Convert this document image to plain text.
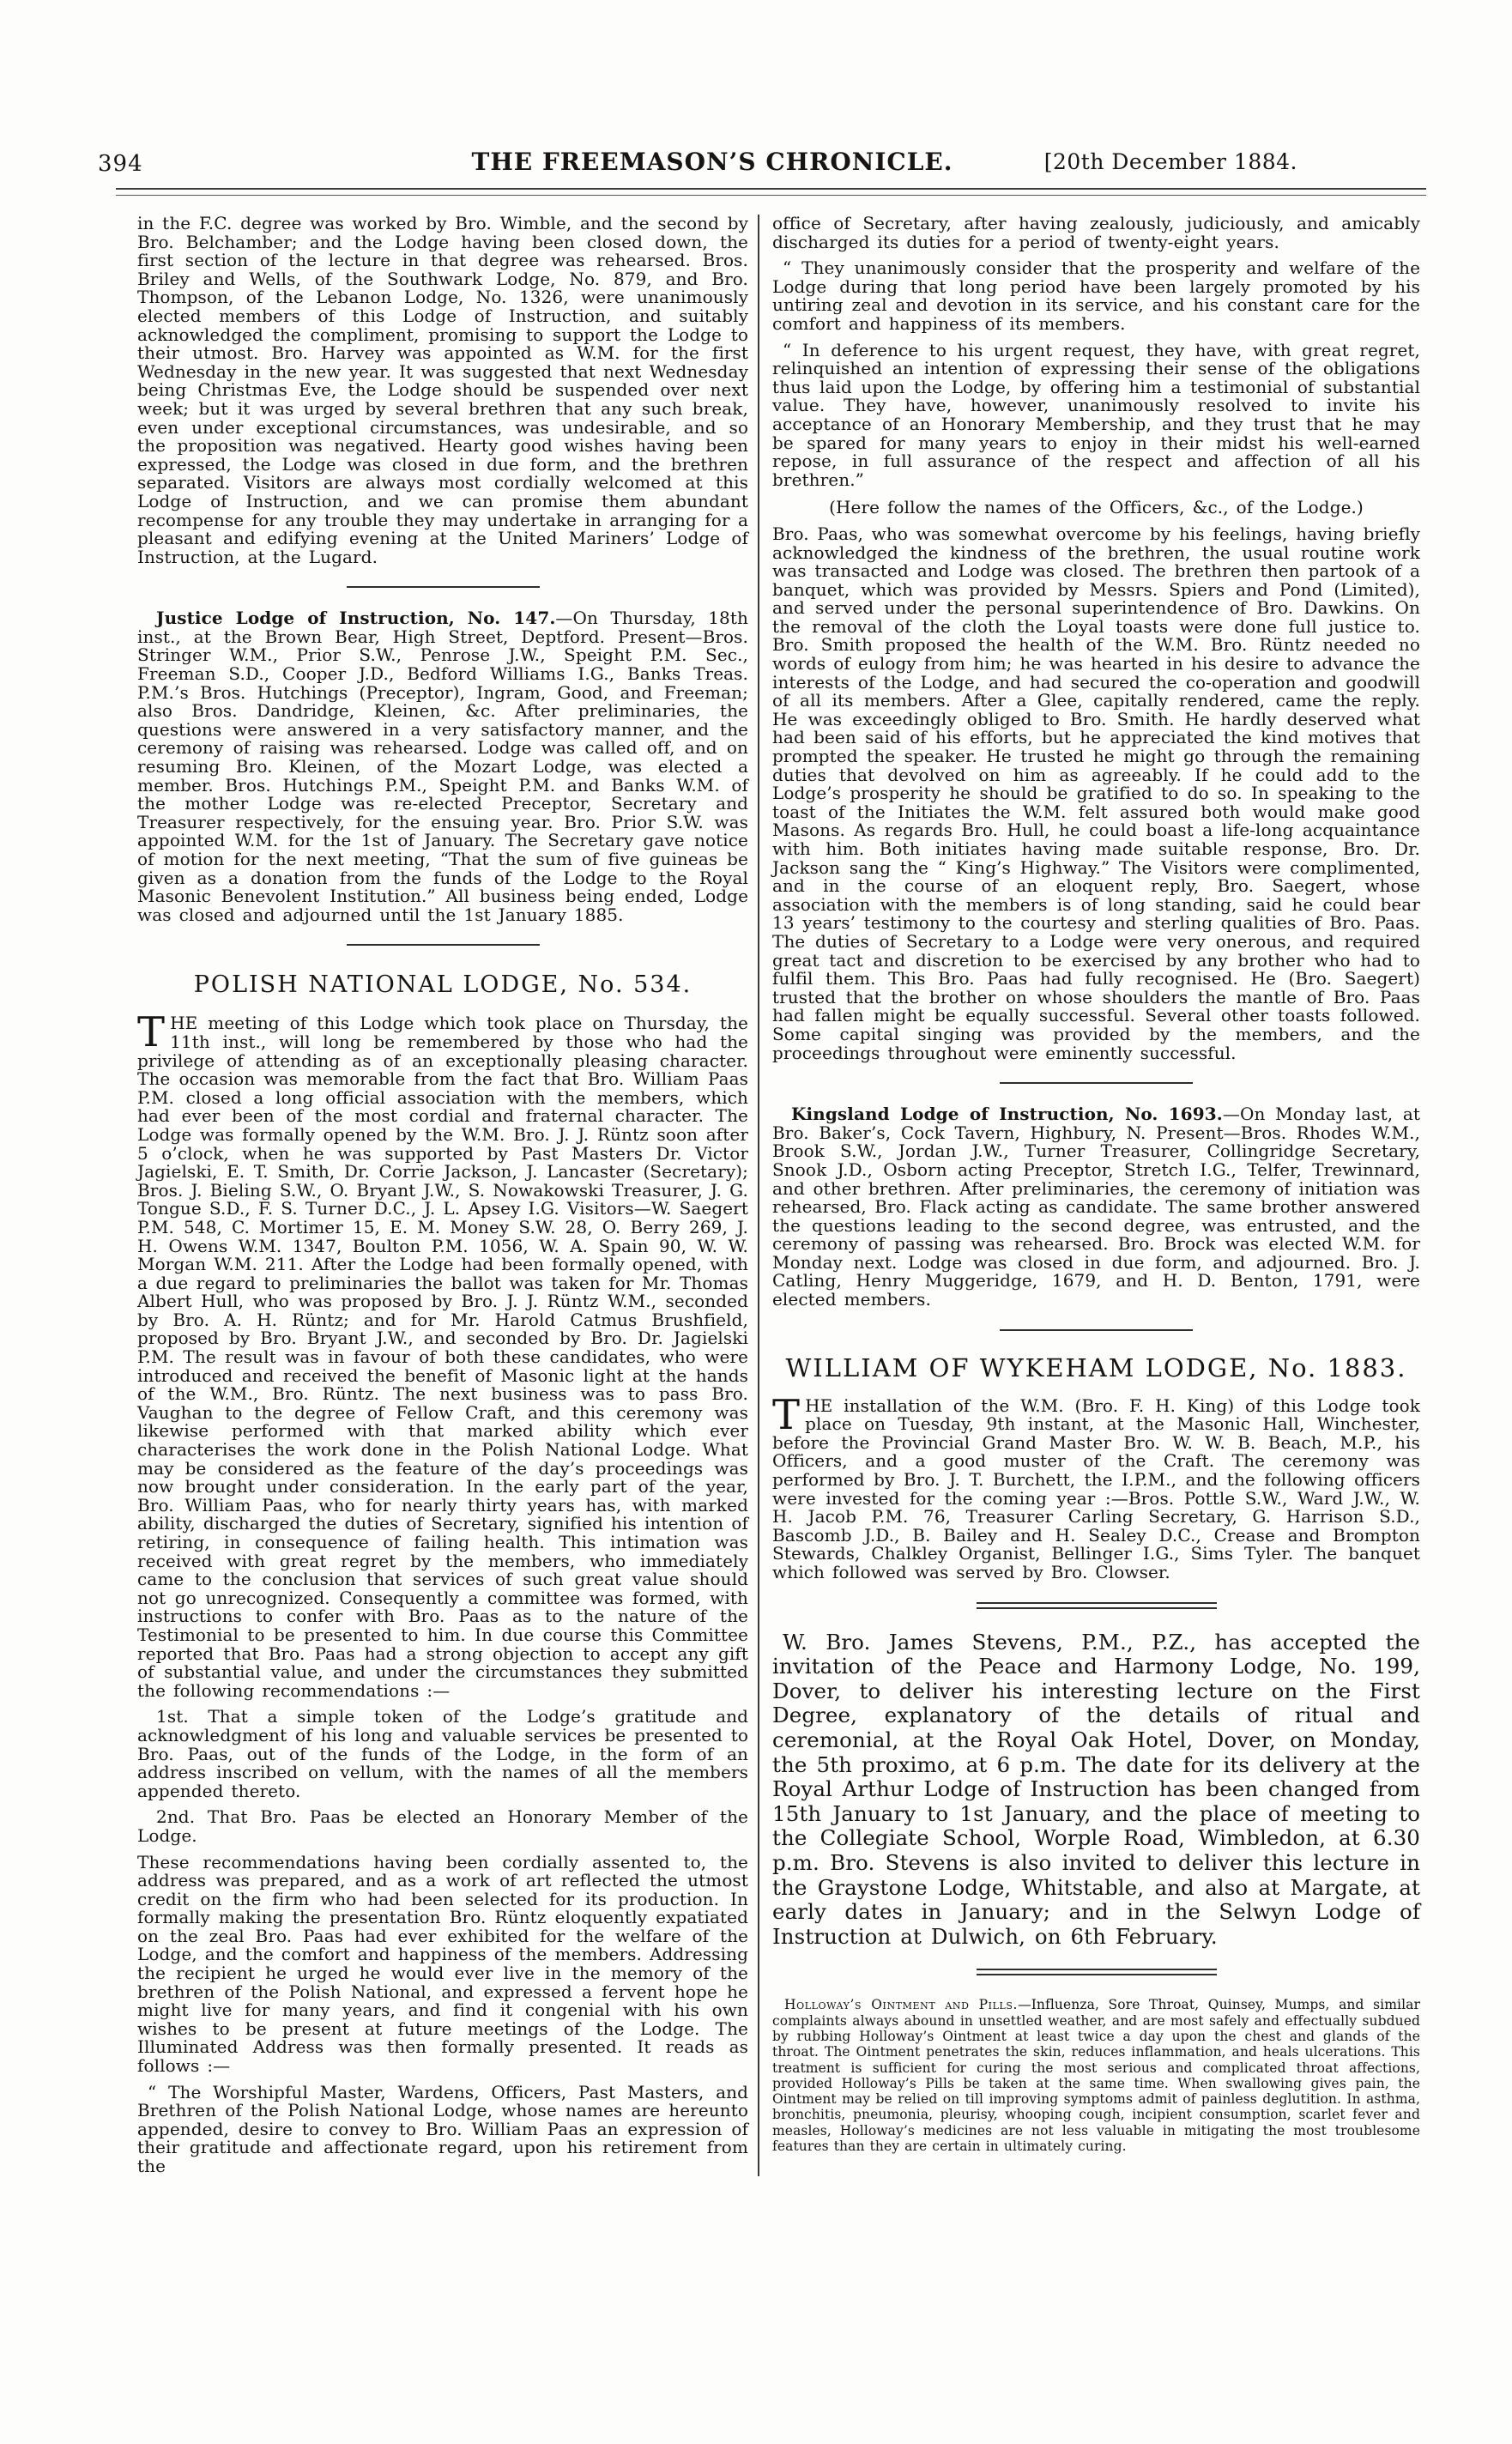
394	THE FREEMASON’S CHRONICLE.	[20th December 1884.

in the F.C. degree was worked by Bro. Wimble, and the second by Bro. Belchamber; and the Lodge having been closed down, the first section of the lecture in that degree was rehearsed. Bros. Briley and Wells, of the Southwark Lodge, No. 879, and Bro. Thompson, of the Lebanon Lodge, No. 1326, were unanimously elected members of this Lodge of Instruction, and suitably acknowledged the compliment, promising to support the Lodge to their utmost. Bro. Harvey was appointed as W.M. for the first Wednesday in the new year. It was suggested that next Wednesday being Christmas Eve, the Lodge should be suspended over next week; but it was urged by several brethren that any such break, even under exceptional circumstances, was undesirable, and so the proposition was negatived. Hearty good wishes having been expressed, the Lodge was closed in due form, and the brethren separated. Visitors are always most cordially welcomed at this Lodge of Instruction, and we can promise them abundant recompense for any trouble they may undertake in arranging for a pleasant and edifying evening at the United Mariners’ Lodge of Instruction, at the Lugard.

Justice Lodge of Instruction, No. 147.—On Thursday, 18th inst., at the Brown Bear, High Street, Deptford. Present—Bros. Stringer W.M., Prior S.W., Penrose J.W., Speight P.M. Sec., Freeman S.D., Cooper J.D., Bedford Williams I.G., Banks Treas. P.M.’s Bros. Hutchings (Preceptor), Ingram, Good, and Freeman; also Bros. Dandridge, Kleinen, &c. After preliminaries, the questions were answered in a very satisfactory manner, and the ceremony of raising was rehearsed. Lodge was called off, and on resuming Bro. Kleinen, of the Mozart Lodge, was elected a member. Bros. Hutchings P.M., Speight P.M. and Banks W.M. of the mother Lodge was re-elected Preceptor, Secretary and Treasurer respectively, for the ensuing year. Bro. Prior S.W. was appointed W.M. for the 1st of January. The Secretary gave notice of motion for the next meeting, “That the sum of five guineas be given as a donation from the funds of the Lodge to the Royal Masonic Benevolent Institution.” All business being ended, Lodge was closed and adjourned until the 1st January 1885.

POLISH NATIONAL LODGE, No. 534.

THE meeting of this Lodge which took place on Thursday, the 11th inst., will long be remembered by those who had the privilege of attending as of an exceptionally pleasing character. The occasion was memorable from the fact that Bro. William Paas P.M. closed a long official association with the members, which had ever been of the most cordial and fraternal character. The Lodge was formally opened by the W.M. Bro. J. J. Rüntz soon after 5 o’clock, when he was supported by Past Masters Dr. Victor Jagielski, E. T. Smith, Dr. Corrie Jackson, J. Lancaster (Secretary); Bros. J. Bieling S.W., O. Bryant J.W., S. Nowakowski Treasurer, J. G. Tongue S.D., F. S. Turner D.C., J. L. Apsey I.G. Visitors—W. Saegert P.M. 548, C. Mortimer 15, E. M. Money S.W. 28, O. Berry 269, J. H. Owens W.M. 1347, Boulton P.M. 1056, W. A. Spain 90, W. W. Morgan W.M. 211. After the Lodge had been formally opened, with a due regard to preliminaries the ballot was taken for Mr. Thomas Albert Hull, who was proposed by Bro. J. J. Rüntz W.M., seconded by Bro. A. H. Rüntz; and for Mr. Harold Catmus Brushfield, proposed by Bro. Bryant J.W., and seconded by Bro. Dr. Jagielski P.M. The result was in favour of both these candidates, who were introduced and received the benefit of Masonic light at the hands of the W.M., Bro. Rüntz. The next business was to pass Bro. Vaughan to the degree of Fellow Craft, and this ceremony was likewise performed with that marked ability which ever characterises the work done in the Polish National Lodge. What may be considered as the feature of the day’s proceedings was now brought under consideration. In the early part of the year, Bro. William Paas, who for nearly thirty years has, with marked ability, discharged the duties of Secretary, signified his intention of retiring, in consequence of failing health. This intimation was received with great regret by the members, who immediately came to the conclusion that services of such great value should not go unrecognized. Consequently a committee was formed, with instructions to confer with Bro. Paas as to the nature of the Testimonial to be presented to him. In due course this Committee reported that Bro. Paas had a strong objection to accept any gift of substantial value, and under the circumstances they submitted the following recommendations :—

1st. That a simple token of the Lodge’s gratitude and acknowledgment of his long and valuable services be presented to Bro. Paas, out of the funds of the Lodge, in the form of an address inscribed on vellum, with the names of all the members appended thereto.

2nd. That Bro. Paas be elected an Honorary Member of the Lodge.

These recommendations having been cordially assented to, the address was prepared, and as a work of art reflected the utmost credit on the firm who had been selected for its production. In formally making the presentation Bro. Rüntz eloquently expatiated on the zeal Bro. Paas had ever exhibited for the welfare of the Lodge, and the comfort and happiness of the members. Addressing the recipient he urged he would ever live in the memory of the brethren of the Polish National, and expressed a fervent hope he might live for many years, and find it congenial with his own wishes to be present at future meetings of the Lodge. The Illuminated Address was then formally presented. It reads as follows :—

“ The Worshipful Master, Wardens, Officers, Past Masters, and Brethren of the Polish National Lodge, whose names are hereunto appended, desire to convey to Bro. William Paas an expression of their gratitude and affectionate regard, upon his retirement from the

office of Secretary, after having zealously, judiciously, and amicably discharged its duties for a period of twenty-eight years.

“ They unanimously consider that the prosperity and welfare of the Lodge during that long period have been largely promoted by his untiring zeal and devotion in its service, and his constant care for the comfort and happiness of its members.

“ In deference to his urgent request, they have, with great regret, relinquished an intention of expressing their sense of the obligations thus laid upon the Lodge, by offering him a testimonial of substantial value. They have, however, unanimously resolved to invite his acceptance of an Honorary Membership, and they trust that he may be spared for many years to enjoy in their midst his well-earned repose, in full assurance of the respect and affection of all his brethren.”

(Here follow the names of the Officers, &c., of the Lodge.)

Bro. Paas, who was somewhat overcome by his feelings, having briefly acknowledged the kindness of the brethren, the usual routine work was transacted and Lodge was closed. The brethren then partook of a banquet, which was provided by Messrs. Spiers and Pond (Limited), and served under the personal superintendence of Bro. Dawkins. On the removal of the cloth the Loyal toasts were done full justice to. Bro. Smith proposed the health of the W.M. Bro. Rüntz needed no words of eulogy from him; he was hearted in his desire to advance the interests of the Lodge, and had secured the co-operation and goodwill of all its members. After a Glee, capitally rendered, came the reply. He was exceedingly obliged to Bro. Smith. He hardly deserved what had been said of his efforts, but he appreciated the kind motives that prompted the speaker. He trusted he might go through the remaining duties that devolved on him as agreeably. If he could add to the Lodge’s prosperity he should be gratified to do so. In speaking to the toast of the Initiates the W.M. felt assured both would make good Masons. As regards Bro. Hull, he could boast a life-long acquaintance with him. Both initiates having made suitable response, Bro. Dr. Jackson sang the “ King’s Highway.” The Visitors were complimented, and in the course of an eloquent reply, Bro. Saegert, whose association with the members is of long standing, said he could bear 13 years’ testimony to the courtesy and sterling qualities of Bro. Paas. The duties of Secretary to a Lodge were very onerous, and required great tact and discretion to be exercised by any brother who had to fulfil them. This Bro. Paas had fully recognised. He (Bro. Saegert) trusted that the brother on whose shoulders the mantle of Bro. Paas had fallen might be equally successful. Several other toasts followed. Some capital singing was provided by the members, and the proceedings throughout were eminently successful.

Kingsland Lodge of Instruction, No. 1693.—On Monday last, at Bro. Baker’s, Cock Tavern, Highbury, N. Present—Bros. Rhodes W.M., Brook S.W., Jordan J.W., Turner Treasurer, Collingridge Secretary, Snook J.D., Osborn acting Preceptor, Stretch I.G., Telfer, Trewinnard, and other brethren. After preliminaries, the ceremony of initiation was rehearsed, Bro. Flack acting as candidate. The same brother answered the questions leading to the second degree, was entrusted, and the ceremony of passing was rehearsed. Bro. Brock was elected W.M. for Monday next. Lodge was closed in due form, and adjourned. Bro. J. Catling, Henry Muggeridge, 1679, and H. D. Benton, 1791, were elected members.

WILLIAM OF WYKEHAM LODGE, No. 1883.

THE installation of the W.M. (Bro. F. H. King) of this Lodge took place on Tuesday, 9th instant, at the Masonic Hall, Winchester, before the Provincial Grand Master Bro. W. W. B. Beach, M.P., his Officers, and a good muster of the Craft. The ceremony was performed by Bro. J. T. Burchett, the I.P.M., and the following officers were invested for the coming year :—Bros. Pottle S.W., Ward J.W., W. H. Jacob P.M. 76, Treasurer Carling Secretary, G. Harrison S.D., Bascomb J.D., B. Bailey and H. Sealey D.C., Crease and Brompton Stewards, Chalkley Organist, Bellinger I.G., Sims Tyler. The banquet which followed was served by Bro. Clowser.

W. Bro. James Stevens, P.M., P.Z., has accepted the invitation of the Peace and Harmony Lodge, No. 199, Dover, to deliver his interesting lecture on the First Degree, explanatory of the details of ritual and ceremonial, at the Royal Oak Hotel, Dover, on Monday, the 5th proximo, at 6 p.m. The date for its delivery at the Royal Arthur Lodge of Instruction has been changed from 15th January to 1st January, and the place of meeting to the Collegiate School, Worple Road, Wimbledon, at 6.30 p.m. Bro. Stevens is also invited to deliver this lecture in the Graystone Lodge, Whitstable, and also at Margate, at early dates in January; and in the Selwyn Lodge of Instruction at Dulwich, on 6th February.

Holloway’s Ointment and Pills.—Influenza, Sore Throat, Quinsey, Mumps, and similar complaints always abound in unsettled weather, and are most safely and effectually subdued by rubbing Holloway’s Ointment at least twice a day upon the chest and glands of the throat. The Ointment penetrates the skin, reduces inflammation, and heals ulcerations. This treatment is sufficient for curing the most serious and complicated throat affections, provided Holloway’s Pills be taken at the same time. When swallowing gives pain, the Ointment may be relied on till improving symptoms admit of painless deglutition. In asthma, bronchitis, pneumonia, pleurisy, whooping cough, incipient consumption, scarlet fever and measles, Holloway’s medicines are not less valuable in mitigating the most troublesome features than they are certain in ultimately curing.
